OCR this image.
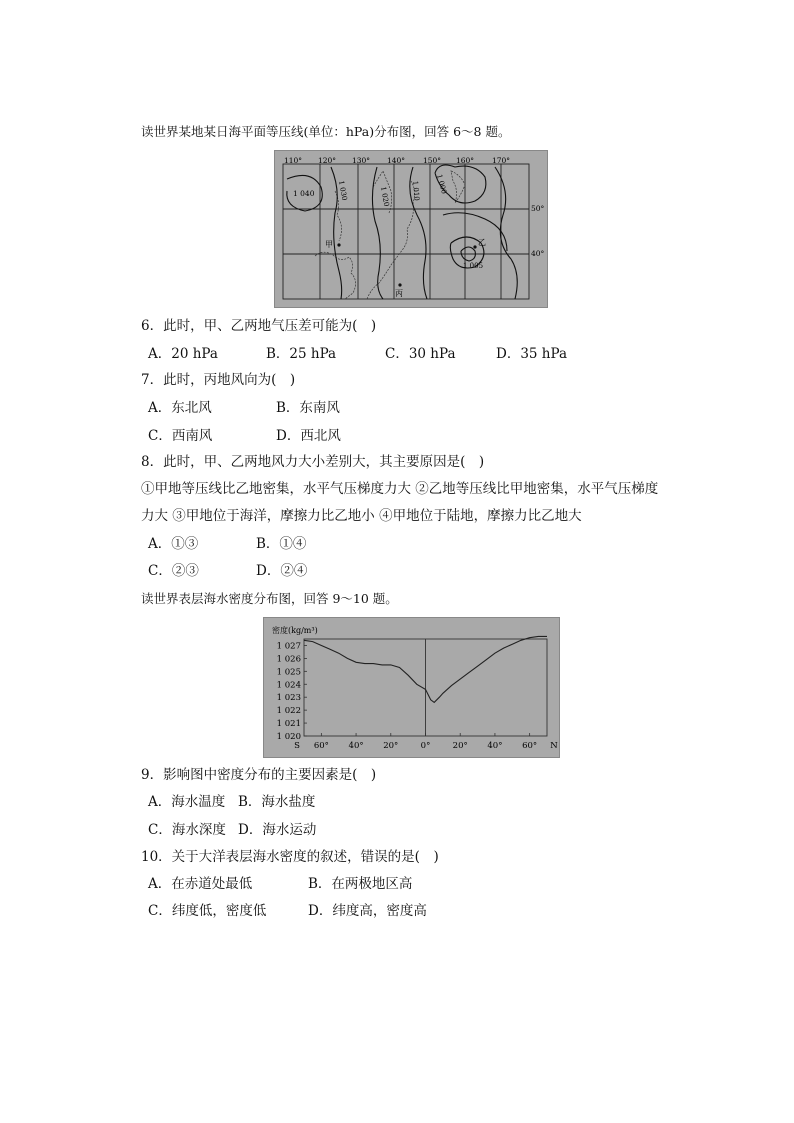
读世界某地某日海平面等压线(单位：hPa)分布图，回答 6～8 题。
110° 120° 130° 140° 150° 160° 170°
50°
40°
1 040	1 030	1 020	1 010 1 000
1 005
甲	乙
丙
6．此时，甲、乙两地气压差可能为(　)
A．20 hPa	B．25 hPa	C．30 hPa	D．35 hPa
7．此时，丙地风向为(　)
A．东北风	B．东南风
C．西南风	D．西北风
8．此时，甲、乙两地风力大小差别大，其主要原因是(　)
①甲地等压线比乙地密集，水平气压梯度力大 ②乙地等压线比甲地密集，水平气压梯度
力大 ③甲地位于海洋，摩擦力比乙地小 ④甲地位于陆地，摩擦力比乙地大
A．①③	B．①④
C．②③	D．②④
读世界表层海水密度分布图，回答 9～10 题。
密度(kg/m³)
1 027
1 026
1 025
1 024
1 023
1 022
1 021
1 020
S 60° 40° 20°	0°	20° 40° 60° N
9．影响图中密度分布的主要因素是(　)
A．海水温度 B．海水盐度
C．海水深度 D．海水运动
10．关于大洋表层海水密度的叙述，错误的是(　)
A．在赤道处最低	B．在两极地区高
C．纬度低，密度低	D．纬度高，密度高
